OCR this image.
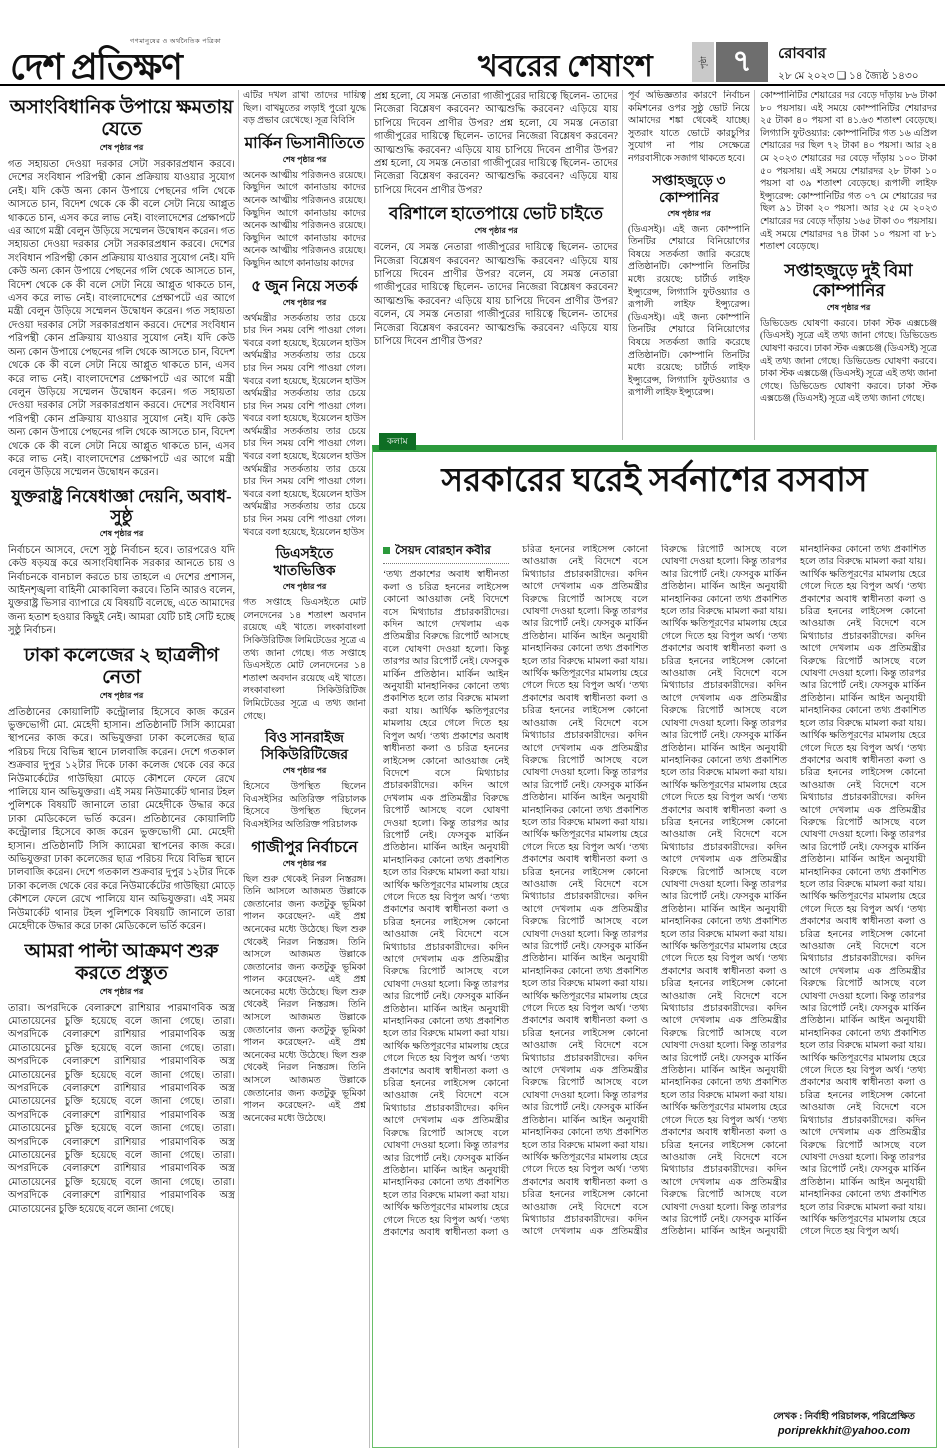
গণমানুষের ও অর্থনৈতিক পত্রিকা
দেশ প্রতিক্ষণ	খবরের শেষাংশ	পৃষ্ঠা ৭ রোববার
২৮ মে ২০২৩ ❑ ১৪ জ্যৈষ্ঠ ১৪৩০
অসাংবিধানিক উপায়ে ক্ষমতায় যেতে
শেষ পৃষ্ঠার পর

গত সহায়তা দেওয়া দরকার সেটা সরকারপ্রধান করবে। দেশের সংবিধান পরিপন্থী কোন প্রক্রিয়ায় যাওয়ার সুযোগ নেই। যদি কেউ অন্য কোন উপায়ে পেছনের গলি থেকে আসতে চান, বিদেশ থেকে কে কী বলে সেটা নিয়ে আপ্লুত থাকতে চান, এসব করে লাভ নেই। বাংলাদেশের প্রেক্ষাপটে এর আগে মন্ত্রী বেলুন উড়িয়ে সম্মেলন উদ্বোধন করেন। গত সহায়তা দেওয়া দরকার সেটা সরকারপ্রধান করবে। দেশের সংবিধান পরিপন্থী কোন প্রক্রিয়ায় যাওয়ার সুযোগ নেই। যদি কেউ অন্য কোন উপায়ে পেছনের গলি থেকে আসতে চান, বিদেশ থেকে কে কী বলে সেটা নিয়ে আপ্লুত থাকতে চান, এসব করে লাভ নেই। বাংলাদেশের প্রেক্ষাপটে এর আগে মন্ত্রী বেলুন উড়িয়ে সম্মেলন উদ্বোধন করেন। গত সহায়তা দেওয়া দরকার সেটা সরকারপ্রধান করবে। দেশের সংবিধান পরিপন্থী কোন প্রক্রিয়ায় যাওয়ার সুযোগ নেই। যদি কেউ অন্য কোন উপায়ে পেছনের গলি থেকে আসতে চান, বিদেশ থেকে কে কী বলে সেটা নিয়ে আপ্লুত থাকতে চান, এসব করে লাভ নেই। বাংলাদেশের প্রেক্ষাপটে এর আগে মন্ত্রী বেলুন উড়িয়ে সম্মেলন উদ্বোধন করেন। গত সহায়তা দেওয়া দরকার সেটা সরকারপ্রধান করবে। দেশের সংবিধান পরিপন্থী কোন প্রক্রিয়ায় যাওয়ার সুযোগ নেই। যদি কেউ অন্য কোন উপায়ে পেছনের গলি থেকে আসতে চান, বিদেশ থেকে কে কী বলে সেটা নিয়ে আপ্লুত থাকতে চান, এসব করে লাভ নেই। বাংলাদেশের প্রেক্ষাপটে এর আগে মন্ত্রী বেলুন উড়িয়ে সম্মেলন উদ্বোধন করেন।

যুক্তরাষ্ট্র নিষেধাজ্ঞা দেয়নি, অবাধ-সুষ্ঠু
শেষ পৃষ্ঠার পর

নির্বাচনে আসবে, দেশে সুষ্ঠু নির্বাচন হবে। তারপরেও যদি কেউ ষড়যন্ত্র করে অসাংবিধানিক সরকার আনতে চায় ও নির্বাচনকে বানচাল করতে চায় তাহলে এ দেশের প্রশাসন, আইনশৃঙ্খলা বাহিনী মোকাবিলা করবে। তিনি আরও বলেন, যুক্তরাষ্ট্র ভিসার ব্যাপারে যে বিষয়টি বলেছে, এতে আমাদের জন্য হতাশ হওয়ার কিছুই নেই। আমরা যেটি চাই সেটি হচ্ছে সুষ্ঠু নির্বাচন।

ঢাকা কলেজের ২ ছাত্রলীগ নেতা
শেষ পৃষ্ঠার পর

প্রতিষ্ঠানের কোয়ালিটি কন্ট্রোলার হিসেবে কাজ করেন ভুক্তভোগী মো. মেহেদী হাসান। প্রতিষ্ঠানটি সিসি ক্যামেরা স্থাপনের কাজ করে। অভিযুক্তরা ঢাকা কলেজের ছাত্র পরিচয় দিয়ে বিভিন্ন স্থানে ঢালবাজি করেন। দেশে গতকাল শুক্রবার দুপুর ১২টার দিকে ঢাকা কলেজ থেকে বের করে নিউমার্কেটের গাউছিয়া মোড়ে কৌশলে ফেলে রেখে পালিয়ে যান অভিযুক্তরা। এই সময় নিউমার্কেট থানার টহল পুলিশকে বিষয়টি জানালে তারা মেহেদীকে উদ্ধার করে ঢাকা মেডিকেলে ভর্তি করেন। প্রতিষ্ঠানের কোয়ালিটি কন্ট্রোলার হিসেবে কাজ করেন ভুক্তভোগী মো. মেহেদী হাসান। প্রতিষ্ঠানটি সিসি ক্যামেরা স্থাপনের কাজ করে। অভিযুক্তরা ঢাকা কলেজের ছাত্র পরিচয় দিয়ে বিভিন্ন স্থানে ঢালবাজি করেন। দেশে গতকাল শুক্রবার দুপুর ১২টার দিকে ঢাকা কলেজ থেকে বের করে নিউমার্কেটের গাউছিয়া মোড়ে কৌশলে ফেলে রেখে পালিয়ে যান অভিযুক্তরা। এই সময় নিউমার্কেট থানার টহল পুলিশকে বিষয়টি জানালে তারা মেহেদীকে উদ্ধার করে ঢাকা মেডিকেলে ভর্তি করেন।

আমরা পাল্টা আক্রমণ শুরু করতে প্রস্তুত
শেষ পৃষ্ঠার পর

তারা। অপরদিকে বেলারুশে রাশিয়ার পারমাণবিক অস্ত্র মোতায়েনের চুক্তি হয়েছে বলে জানা গেছে। তারা। অপরদিকে বেলারুশে রাশিয়ার পারমাণবিক অস্ত্র মোতায়েনের চুক্তি হয়েছে বলে জানা গেছে। তারা। অপরদিকে বেলারুশে রাশিয়ার পারমাণবিক অস্ত্র মোতায়েনের চুক্তি হয়েছে বলে জানা গেছে। তারা। অপরদিকে বেলারুশে রাশিয়ার পারমাণবিক অস্ত্র মোতায়েনের চুক্তি হয়েছে বলে জানা গেছে। তারা। অপরদিকে বেলারুশে রাশিয়ার পারমাণবিক অস্ত্র মোতায়েনের চুক্তি হয়েছে বলে জানা গেছে। তারা। অপরদিকে বেলারুশে রাশিয়ার পারমাণবিক অস্ত্র মোতায়েনের চুক্তি হয়েছে বলে জানা গেছে। তারা। অপরদিকে বেলারুশে রাশিয়ার পারমাণবিক অস্ত্র মোতায়েনের চুক্তি হয়েছে বলে জানা গেছে। তারা। অপরদিকে বেলারুশে রাশিয়ার পারমাণবিক অস্ত্র মোতায়েনের চুক্তি হয়েছে বলে জানা গেছে।

এটির দখল রাখা তাদের দায়িত্ব ছিল। বাখমুতের লড়াই পুরো যুদ্ধে বড় প্রভাব রেখেছে। সূত্র বিবিসি

মার্কিন ভিসানীতিতে
শেষ পৃষ্ঠার পর

অনেক আত্মীয় পরিজনও রয়েছে। কিছুদিন আগে কানাডায় কাদের অনেক আত্মীয় পরিজনও রয়েছে। কিছুদিন আগে কানাডায় কাদের অনেক আত্মীয় পরিজনও রয়েছে। কিছুদিন আগে কানাডায় কাদের অনেক আত্মীয় পরিজনও রয়েছে। কিছুদিন আগে কানাডায় কাদের

৫ জুন নিয়ে সতর্ক
শেষ পৃষ্ঠার পর

অর্থমন্ত্রীর সতর্কতায় তার চেয়ে চার দিন সময় বেশি পাওয়া গেল। খবরে বলা হয়েছে, ইয়েলেন হাউস অর্থমন্ত্রীর সতর্কতায় তার চেয়ে চার দিন সময় বেশি পাওয়া গেল। খবরে বলা হয়েছে, ইয়েলেন হাউস অর্থমন্ত্রীর সতর্কতায় তার চেয়ে চার দিন সময় বেশি পাওয়া গেল। খবরে বলা হয়েছে, ইয়েলেন হাউস অর্থমন্ত্রীর সতর্কতায় তার চেয়ে চার দিন সময় বেশি পাওয়া গেল। খবরে বলা হয়েছে, ইয়েলেন হাউস অর্থমন্ত্রীর সতর্কতায় তার চেয়ে চার দিন সময় বেশি পাওয়া গেল। খবরে বলা হয়েছে, ইয়েলেন হাউস অর্থমন্ত্রীর সতর্কতায় তার চেয়ে চার দিন সময় বেশি পাওয়া গেল। খবরে বলা হয়েছে, ইয়েলেন হাউস

ডিএসইতে খাতভিত্তিক
শেষ পৃষ্ঠার পর

গত সপ্তাহে ডিএসইতে মোট লেনদেনের ১৪ শতাংশ অবদান রয়েছে এই খাতে। লংকাবাংলা সিকিউরিটিজ লিমিটেডের সূত্রে এ তথ্য জানা গেছে। গত সপ্তাহে ডিএসইতে মোট লেনদেনের ১৪ শতাংশ অবদান রয়েছে এই খাতে। লংকাবাংলা সিকিউরিটিজ লিমিটেডের সূত্রে এ তথ্য জানা গেছে।

বিও সানরাইজ সিকিউরিটিজের
শেষ পৃষ্ঠার পর

হিসেবে উপস্থিত ছিলেন বিএসইসির অতিরিক্ত পরিচালক হিসেবে উপস্থিত ছিলেন বিএসইসির অতিরিক্ত পরিচালক

গাজীপুর নির্বাচনে
শেষ পৃষ্ঠার পর

ছিল শুরু থেকেই নিরল নিস্তরঙ্গ। তিনি আসলে আজমত উল্লাকে জেতানোর জন্য কতটুকু ভূমিকা পালন করেছেন?- এই প্রশ্ন অনেকের মধ্যে উঠেছে। ছিল শুরু থেকেই নিরল নিস্তরঙ্গ। তিনি আসলে আজমত উল্লাকে জেতানোর জন্য কতটুকু ভূমিকা পালন করেছেন?- এই প্রশ্ন অনেকের মধ্যে উঠেছে। ছিল শুরু থেকেই নিরল নিস্তরঙ্গ। তিনি আসলে আজমত উল্লাকে জেতানোর জন্য কতটুকু ভূমিকা পালন করেছেন?- এই প্রশ্ন অনেকের মধ্যে উঠেছে। ছিল শুরু থেকেই নিরল নিস্তরঙ্গ। তিনি আসলে আজমত উল্লাকে জেতানোর জন্য কতটুকু ভূমিকা পালন করেছেন?- এই প্রশ্ন অনেকের মধ্যে উঠেছে।

প্রশ্ন হলো, যে সমস্ত নেতারা গাজীপুরের দায়িত্বে ছিলেন- তাদের নিজেরা বিশ্লেষণ করবেন? আত্মশুদ্ধি করবেন? এড়িয়ে যায় চাপিয়ে দিবেন প্রাণীর উপর? প্রশ্ন হলো, যে সমস্ত নেতারা গাজীপুরের দায়িত্বে ছিলেন- তাদের নিজেরা বিশ্লেষণ করবেন? আত্মশুদ্ধি করবেন? এড়িয়ে যায় চাপিয়ে দিবেন প্রাণীর উপর? প্রশ্ন হলো, যে সমস্ত নেতারা গাজীপুরের দায়িত্বে ছিলেন- তাদের নিজেরা বিশ্লেষণ করবেন? আত্মশুদ্ধি করবেন? এড়িয়ে যায় চাপিয়ে দিবেন প্রাণীর উপর?

বরিশালে হাতেপায়ে ভোট চাইতে
শেষ পৃষ্ঠার পর

বলেন, যে সমস্ত নেতারা গাজীপুরের দায়িত্বে ছিলেন- তাদের নিজেরা বিশ্লেষণ করবেন? আত্মশুদ্ধি করবেন? এড়িয়ে যায় চাপিয়ে দিবেন প্রাণীর উপর? বলেন, যে সমস্ত নেতারা গাজীপুরের দায়িত্বে ছিলেন- তাদের নিজেরা বিশ্লেষণ করবেন? আত্মশুদ্ধি করবেন? এড়িয়ে যায় চাপিয়ে দিবেন প্রাণীর উপর? বলেন, যে সমস্ত নেতারা গাজীপুরের দায়িত্বে ছিলেন- তাদের নিজেরা বিশ্লেষণ করবেন? আত্মশুদ্ধি করবেন? এড়িয়ে যায় চাপিয়ে দিবেন প্রাণীর উপর?

পূর্ব অভিজ্ঞতার কারণে নির্বাচন কমিশনের ওপর সুষ্ঠু ভোট নিয়ে আমাদের শঙ্কা থেকেই যাচ্ছে। সুতরাং যাতে ভোটে কারচুপির সুযোগ না পায় সেক্ষেত্রে নগরবাসীকে সজাগ থাকতে হবে।

সপ্তাহজুড়ে ৩ কোম্পানির
শেষ পৃষ্ঠার পর

(ডিএসই)। এই জন্য কোম্পানি তিনটির শেয়ারে বিনিয়োগের বিষয়ে সতর্কতা জারি করেছে প্রতিষ্ঠানটি। কোম্পানি তিনটির মধ্যে রয়েছে: চার্টার্ড লাইফ ইন্স্যুরেন্স, লিগ্যাসি ফুটওয়্যার ও রূপালী লাইফ ইন্স্যুরেন্স। (ডিএসই)। এই জন্য কোম্পানি তিনটির শেয়ারে বিনিয়োগের বিষয়ে সতর্কতা জারি করেছে প্রতিষ্ঠানটি। কোম্পানি তিনটির মধ্যে রয়েছে: চার্টার্ড লাইফ ইন্স্যুরেন্স, লিগ্যাসি ফুটওয়্যার ও রূপালী লাইফ ইন্স্যুরেন্স।

কোম্পানিটির শেয়ারের দর বেড়ে দাঁড়ায় ৮৬ টাকা ৮০ পয়সায়। এই সময়ে কোম্পানিটির শেয়ারদর ২৫ টাকা ৪০ পয়সা বা ৪১.৬৩ শতাংশ বেড়েছে। লিগ্যাসি ফুটওয়্যার: কোম্পানিটির গত ১৬ এপ্রিল শেয়ারের দর ছিল ৭২ টাকা ৪০ পয়সা। আর ২৪ মে ২০২৩ শেয়ারের দর বেড়ে দাঁড়ায় ১০০ টাকা ৫০ পয়সায়। এই সময়ে শেয়ারদর ২৮ টাকা ১০ পয়সা বা ৩৯ শতাংশ বেড়েছে। রূপালী লাইফ ইন্স্যুরেন্স: কোম্পানিটির গত ০৭ মে শেয়ারের দর ছিল ৯১ টাকা ২০ পয়সা। আর ২৫ মে ২০২৩ শেয়ারের দর বেড়ে দাঁড়ায় ১৬৫ টাকা ৩০ পয়সায়। এই সময়ে শেয়ারদর ৭৪ টাকা ১০ পয়সা বা ৮১ শতাংশ বেড়েছে।

সপ্তাহজুড়ে দুই বিমা কোম্পানির
শেষ পৃষ্ঠার পর

ডিভিডেন্ড ঘোষণা করবে। ঢাকা স্টক এক্সচেঞ্জ (ডিএসই) সূত্রে এই তথ্য জানা গেছে। ডিভিডেন্ড ঘোষণা করবে। ঢাকা স্টক এক্সচেঞ্জ (ডিএসই) সূত্রে এই তথ্য জানা গেছে। ডিভিডেন্ড ঘোষণা করবে। ঢাকা স্টক এক্সচেঞ্জ (ডিএসই) সূত্রে এই তথ্য জানা গেছে। ডিভিডেন্ড ঘোষণা করবে। ঢাকা স্টক এক্সচেঞ্জ (ডিএসই) সূত্রে এই তথ্য জানা গেছে।

কলাম
সরকারের ঘরেই সর্বনাশের বসবাস
সৈয়দ বোরহান কবীর
‘তথ্য প্রকাশের অবাধ স্বাধীনতা কলা ও চরিত্র হননের লাইসেন্স কোনো আওয়াজ নেই বিদেশে বসে মিথ্যাচার প্রচারকারীদের। কদিন আগে দেখলাম এক প্রতিমন্ত্রীর বিরুদ্ধে রিপোর্ট আসছে বলে ঘোষণা দেওয়া হলো। কিন্তু তারপর আর রিপোর্ট নেই। ফেসবুক মার্কিন প্রতিষ্ঠান। মার্কিন আইন অনুযায়ী মানহানিকর কোনো তথ্য প্রকাশিত হলে তার বিরুদ্ধে মামলা করা যায়। আর্থিক ক্ষতিপূরণের মামলায় হেরে গেলে দিতে হয় বিপুল অর্থ। ‘তথ্য প্রকাশের অবাধ স্বাধীনতা কলা ও চরিত্র হননের লাইসেন্স কোনো আওয়াজ নেই বিদেশে বসে মিথ্যাচার প্রচারকারীদের। কদিন আগে দেখলাম এক প্রতিমন্ত্রীর বিরুদ্ধে রিপোর্ট আসছে বলে ঘোষণা দেওয়া হলো। কিন্তু তারপর আর রিপোর্ট নেই। ফেসবুক মার্কিন প্রতিষ্ঠান। মার্কিন আইন অনুযায়ী মানহানিকর কোনো তথ্য প্রকাশিত হলে তার বিরুদ্ধে মামলা করা যায়। আর্থিক ক্ষতিপূরণের মামলায় হেরে গেলে দিতে হয় বিপুল অর্থ। ‘তথ্য প্রকাশের অবাধ স্বাধীনতা কলা ও চরিত্র হননের লাইসেন্স কোনো আওয়াজ নেই বিদেশে বসে মিথ্যাচার প্রচারকারীদের। কদিন আগে দেখলাম এক প্রতিমন্ত্রীর বিরুদ্ধে রিপোর্ট আসছে বলে ঘোষণা দেওয়া হলো। কিন্তু তারপর আর রিপোর্ট নেই। ফেসবুক মার্কিন প্রতিষ্ঠান। মার্কিন আইন অনুযায়ী মানহানিকর কোনো তথ্য প্রকাশিত হলে তার বিরুদ্ধে মামলা করা যায়। আর্থিক ক্ষতিপূরণের মামলায় হেরে গেলে দিতে হয় বিপুল অর্থ। ‘তথ্য প্রকাশের অবাধ স্বাধীনতা কলা ও চরিত্র হননের লাইসেন্স কোনো আওয়াজ নেই বিদেশে বসে মিথ্যাচার প্রচারকারীদের। কদিন আগে দেখলাম এক প্রতিমন্ত্রীর বিরুদ্ধে রিপোর্ট আসছে বলে ঘোষণা দেওয়া হলো। কিন্তু তারপর আর রিপোর্ট নেই। ফেসবুক মার্কিন প্রতিষ্ঠান। মার্কিন আইন অনুযায়ী মানহানিকর কোনো তথ্য প্রকাশিত হলে তার বিরুদ্ধে মামলা করা যায়। আর্থিক ক্ষতিপূরণের মামলায় হেরে গেলে দিতে হয় বিপুল অর্থ। ‘তথ্য প্রকাশের অবাধ স্বাধীনতা কলা ও চরিত্র হননের লাইসেন্স কোনো আওয়াজ নেই বিদেশে বসে মিথ্যাচার প্রচারকারীদের। কদিন আগে দেখলাম এক প্রতিমন্ত্রীর বিরুদ্ধে রিপোর্ট আসছে বলে ঘোষণা দেওয়া হলো। কিন্তু তারপর আর রিপোর্ট নেই। ফেসবুক মার্কিন প্রতিষ্ঠান। মার্কিন আইন অনুযায়ী মানহানিকর কোনো তথ্য প্রকাশিত হলে তার বিরুদ্ধে মামলা করা যায়। আর্থিক ক্ষতিপূরণের মামলায় হেরে গেলে দিতে হয় বিপুল অর্থ। ‘তথ্য প্রকাশের অবাধ স্বাধীনতা কলা ও চরিত্র হননের লাইসেন্স কোনো আওয়াজ নেই বিদেশে বসে মিথ্যাচার প্রচারকারীদের। কদিন আগে দেখলাম এক প্রতিমন্ত্রীর বিরুদ্ধে রিপোর্ট আসছে বলে ঘোষণা দেওয়া হলো। কিন্তু তারপর আর রিপোর্ট নেই। ফেসবুক মার্কিন প্রতিষ্ঠান। মার্কিন আইন অনুযায়ী মানহানিকর কোনো তথ্য প্রকাশিত হলে তার বিরুদ্ধে মামলা করা যায়। আর্থিক ক্ষতিপূরণের মামলায় হেরে গেলে দিতে হয় বিপুল অর্থ। ‘তথ্য প্রকাশের অবাধ স্বাধীনতা কলা ও চরিত্র হননের লাইসেন্স কোনো আওয়াজ নেই বিদেশে বসে মিথ্যাচার প্রচারকারীদের। কদিন আগে দেখলাম এক প্রতিমন্ত্রীর বিরুদ্ধে রিপোর্ট আসছে বলে ঘোষণা দেওয়া হলো। কিন্তু তারপর আর রিপোর্ট নেই। ফেসবুক মার্কিন প্রতিষ্ঠান। মার্কিন আইন অনুযায়ী মানহানিকর কোনো তথ্য প্রকাশিত হলে তার বিরুদ্ধে মামলা করা যায়। আর্থিক ক্ষতিপূরণের মামলায় হেরে গেলে দিতে হয় বিপুল অর্থ। ‘তথ্য প্রকাশের অবাধ স্বাধীনতা কলা ও চরিত্র হননের লাইসেন্স কোনো আওয়াজ নেই বিদেশে বসে মিথ্যাচার প্রচারকারীদের। কদিন আগে দেখলাম এক প্রতিমন্ত্রীর বিরুদ্ধে রিপোর্ট আসছে বলে ঘোষণা দেওয়া হলো। কিন্তু তারপর আর রিপোর্ট নেই। ফেসবুক মার্কিন প্রতিষ্ঠান। মার্কিন আইন অনুযায়ী মানহানিকর কোনো তথ্য প্রকাশিত হলে তার বিরুদ্ধে মামলা করা যায়। আর্থিক ক্ষতিপূরণের মামলায় হেরে গেলে দিতে হয় বিপুল অর্থ। ‘তথ্য প্রকাশের অবাধ স্বাধীনতা কলা ও চরিত্র হননের লাইসেন্স কোনো আওয়াজ নেই বিদেশে বসে মিথ্যাচার প্রচারকারীদের। কদিন আগে দেখলাম এক প্রতিমন্ত্রীর বিরুদ্ধে রিপোর্ট আসছে বলে ঘোষণা দেওয়া হলো। কিন্তু তারপর আর রিপোর্ট নেই। ফেসবুক মার্কিন প্রতিষ্ঠান। মার্কিন আইন অনুযায়ী মানহানিকর কোনো তথ্য প্রকাশিত হলে তার বিরুদ্ধে মামলা করা যায়। আর্থিক ক্ষতিপূরণের মামলায় হেরে গেলে দিতে হয় বিপুল অর্থ। ‘তথ্য প্রকাশের অবাধ স্বাধীনতা কলা ও চরিত্র হননের লাইসেন্স কোনো আওয়াজ নেই বিদেশে বসে মিথ্যাচার প্রচারকারীদের। কদিন আগে দেখলাম এক প্রতিমন্ত্রীর বিরুদ্ধে রিপোর্ট আসছে বলে ঘোষণা দেওয়া হলো। কিন্তু তারপর আর রিপোর্ট নেই। ফেসবুক মার্কিন প্রতিষ্ঠান। মার্কিন আইন অনুযায়ী মানহানিকর কোনো তথ্য প্রকাশিত হলে তার বিরুদ্ধে মামলা করা যায়। আর্থিক ক্ষতিপূরণের মামলায় হেরে গেলে দিতে হয় বিপুল অর্থ। ‘তথ্য প্রকাশের অবাধ স্বাধীনতা কলা ও চরিত্র হননের লাইসেন্স কোনো আওয়াজ নেই বিদেশে বসে মিথ্যাচার প্রচারকারীদের। কদিন আগে দেখলাম এক প্রতিমন্ত্রীর বিরুদ্ধে রিপোর্ট আসছে বলে ঘোষণা দেওয়া হলো। কিন্তু তারপর আর রিপোর্ট নেই। ফেসবুক মার্কিন প্রতিষ্ঠান। মার্কিন আইন অনুযায়ী মানহানিকর কোনো তথ্য প্রকাশিত হলে তার বিরুদ্ধে মামলা করা যায়। আর্থিক ক্ষতিপূরণের মামলায় হেরে গেলে দিতে হয় বিপুল অর্থ। ‘তথ্য প্রকাশের অবাধ স্বাধীনতা কলা ও চরিত্র হননের লাইসেন্স কোনো আওয়াজ নেই বিদেশে বসে মিথ্যাচার প্রচারকারীদের। কদিন আগে দেখলাম এক প্রতিমন্ত্রীর বিরুদ্ধে রিপোর্ট আসছে বলে ঘোষণা দেওয়া হলো। কিন্তু তারপর আর রিপোর্ট নেই। ফেসবুক মার্কিন প্রতিষ্ঠান। মার্কিন আইন অনুযায়ী মানহানিকর কোনো তথ্য প্রকাশিত হলে তার বিরুদ্ধে মামলা করা যায়। আর্থিক ক্ষতিপূরণের মামলায় হেরে গেলে দিতে হয় বিপুল অর্থ। ‘তথ্য প্রকাশের অবাধ স্বাধীনতা কলা ও চরিত্র হননের লাইসেন্স কোনো আওয়াজ নেই বিদেশে বসে মিথ্যাচার প্রচারকারীদের। কদিন আগে দেখলাম এক প্রতিমন্ত্রীর বিরুদ্ধে রিপোর্ট আসছে বলে ঘোষণা দেওয়া হলো। কিন্তু তারপর আর রিপোর্ট নেই। ফেসবুক মার্কিন প্রতিষ্ঠান। মার্কিন আইন অনুযায়ী মানহানিকর কোনো তথ্য প্রকাশিত হলে তার বিরুদ্ধে মামলা করা যায়। আর্থিক ক্ষতিপূরণের মামলায় হেরে গেলে দিতে হয় বিপুল অর্থ। ‘তথ্য প্রকাশের অবাধ স্বাধীনতা কলা ও চরিত্র হননের লাইসেন্স কোনো আওয়াজ নেই বিদেশে বসে মিথ্যাচার প্রচারকারীদের। কদিন আগে দেখলাম এক প্রতিমন্ত্রীর বিরুদ্ধে রিপোর্ট আসছে বলে ঘোষণা দেওয়া হলো। কিন্তু তারপর আর রিপোর্ট নেই। ফেসবুক মার্কিন প্রতিষ্ঠান। মার্কিন আইন অনুযায়ী মানহানিকর কোনো তথ্য প্রকাশিত হলে তার বিরুদ্ধে মামলা করা যায়। আর্থিক ক্ষতিপূরণের মামলায় হেরে গেলে দিতে হয় বিপুল অর্থ। ‘তথ্য প্রকাশের অবাধ স্বাধীনতা কলা ও চরিত্র হননের লাইসেন্স কোনো আওয়াজ নেই বিদেশে বসে মিথ্যাচার প্রচারকারীদের। কদিন আগে দেখলাম এক প্রতিমন্ত্রীর বিরুদ্ধে রিপোর্ট আসছে বলে ঘোষণা দেওয়া হলো। কিন্তু তারপর আর রিপোর্ট নেই। ফেসবুক মার্কিন প্রতিষ্ঠান। মার্কিন আইন অনুযায়ী মানহানিকর কোনো তথ্য প্রকাশিত হলে তার বিরুদ্ধে মামলা করা যায়। আর্থিক ক্ষতিপূরণের মামলায় হেরে গেলে দিতে হয় বিপুল অর্থ। ‘তথ্য প্রকাশের অবাধ স্বাধীনতা কলা ও চরিত্র হননের লাইসেন্স কোনো আওয়াজ নেই বিদেশে বসে মিথ্যাচার প্রচারকারীদের। কদিন আগে দেখলাম এক প্রতিমন্ত্রীর বিরুদ্ধে রিপোর্ট আসছে বলে ঘোষণা দেওয়া হলো। কিন্তু তারপর আর রিপোর্ট নেই। ফেসবুক মার্কিন প্রতিষ্ঠান। মার্কিন আইন অনুযায়ী মানহানিকর কোনো তথ্য প্রকাশিত হলে তার বিরুদ্ধে মামলা করা যায়। আর্থিক ক্ষতিপূরণের মামলায় হেরে গেলে দিতে হয় বিপুল অর্থ। ‘তথ্য প্রকাশের অবাধ স্বাধীনতা কলা ও চরিত্র হননের লাইসেন্স কোনো আওয়াজ নেই বিদেশে বসে মিথ্যাচার প্রচারকারীদের। কদিন আগে দেখলাম এক প্রতিমন্ত্রীর বিরুদ্ধে রিপোর্ট আসছে বলে ঘোষণা দেওয়া হলো। কিন্তু তারপর আর রিপোর্ট নেই। ফেসবুক মার্কিন প্রতিষ্ঠান। মার্কিন আইন অনুযায়ী মানহানিকর কোনো তথ্য প্রকাশিত হলে তার বিরুদ্ধে মামলা করা যায়। আর্থিক ক্ষতিপূরণের মামলায় হেরে গেলে দিতে হয় বিপুল অর্থ।
লেখক : নির্বাহী পরিচালক, পরিপ্রেক্ষিত
poriprekkhit@yahoo.com
